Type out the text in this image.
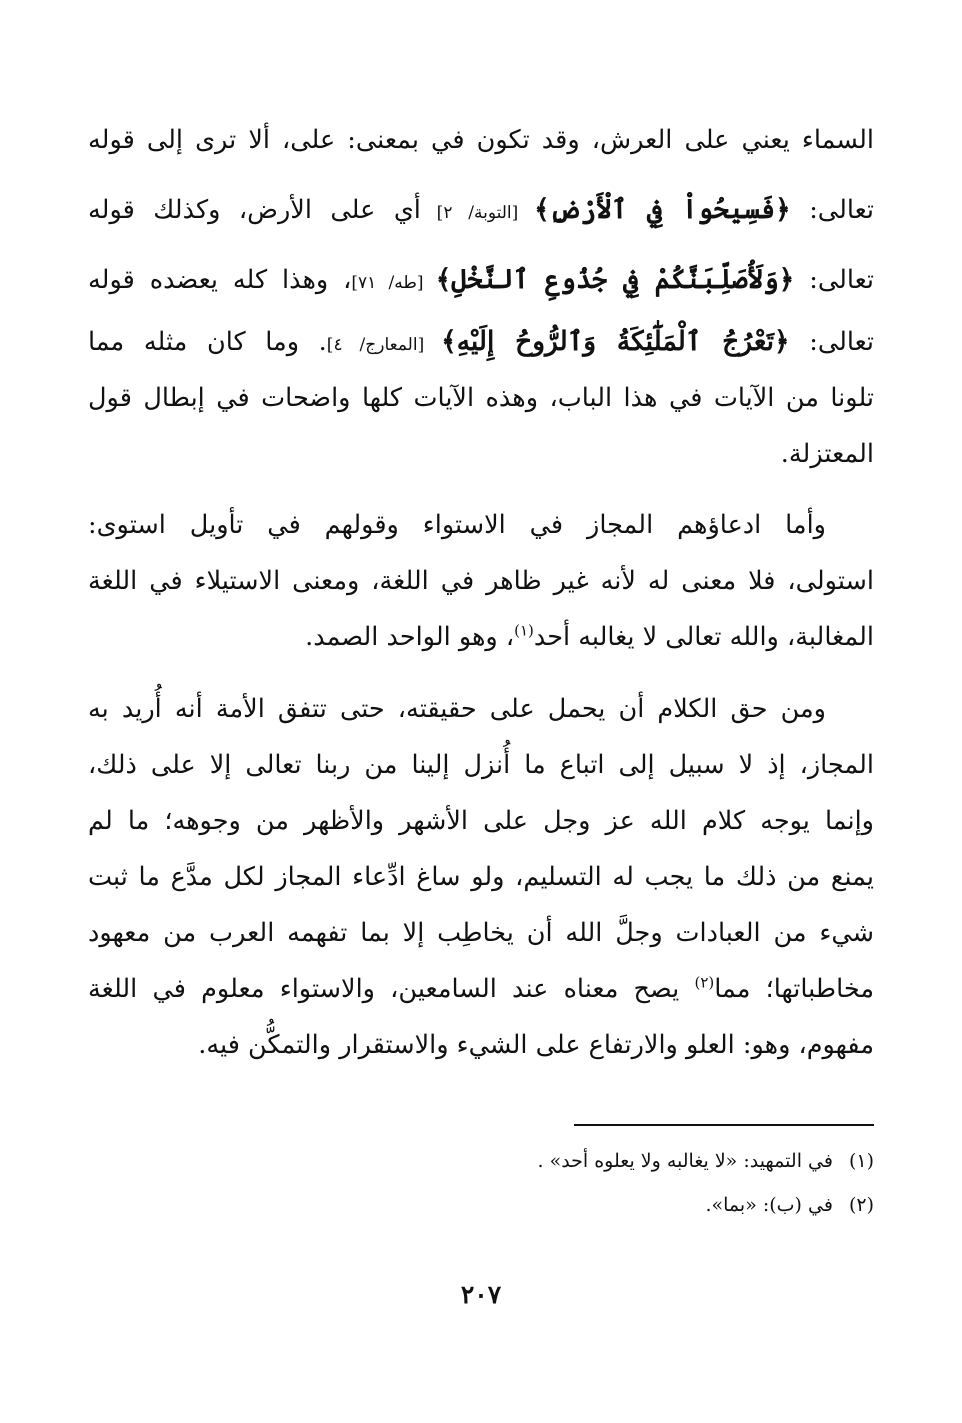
السماء يعني على العرش، وقد تكون في بمعنى: على، ألا ترى إلى قوله
تعالى: ﴿فَسِيحُواْ فِي ٱلْأَرْضِ﴾ [التوبة/ ٢] أي على الأرض، وكذلك قوله
تعالى: ﴿وَلَأُصَلِّبَنَّكُمْ فِي جُذُوعِ ٱلنَّخْلِ﴾ [طه/ ٧١]، وهذا كله يعضده قوله
تعالى: ﴿تَعْرُجُ ٱلْمَلَٰٓئِكَةُ وَٱلرُّوحُ إِلَيْهِ﴾ [المعارج/ ٤]. وما كان مثله مما
تلونا من الآيات في هذا الباب، وهذه الآيات كلها واضحات في إبطال قول
المعتزلة.
وأما ادعاؤهم المجاز في الاستواء وقولهم في تأويل استوى:
استولى، فلا معنى له لأنه غير ظاهر في اللغة، ومعنى الاستيلاء في اللغة
المغالبة، والله تعالى لا يغالبه أحد$^{(١)}$، وهو الواحد الصمد.
ومن حق الكلام أن يحمل على حقيقته، حتى تتفق الأمة أنه أُريد به
المجاز، إذ لا سبيل إلى اتباع ما أُنزل إلينا من ربنا تعالى إلا على ذلك،
وإنما يوجه كلام الله عز وجل على الأشهر والأظهر من وجوهه؛ ما لم
يمنع من ذلك ما يجب له التسليم، ولو ساغ ادِّعاء المجاز لكل مدَّع ما ثبت
شيء من العبادات وجلَّ الله أن يخاطِب إلا بما تفهمه العرب من معهود
مخاطباتها؛ مما$^{(٢)}$ يصح معناه عند السامعين، والاستواء معلوم في اللغة
مفهوم، وهو: العلو والارتفاع على الشيء والاستقرار والتمكُّن فيه.
(١)في التمهيد: «لا يغالبه ولا يعلوه أحد» .
(٢)في (ب): «بما».
٢٠٧
